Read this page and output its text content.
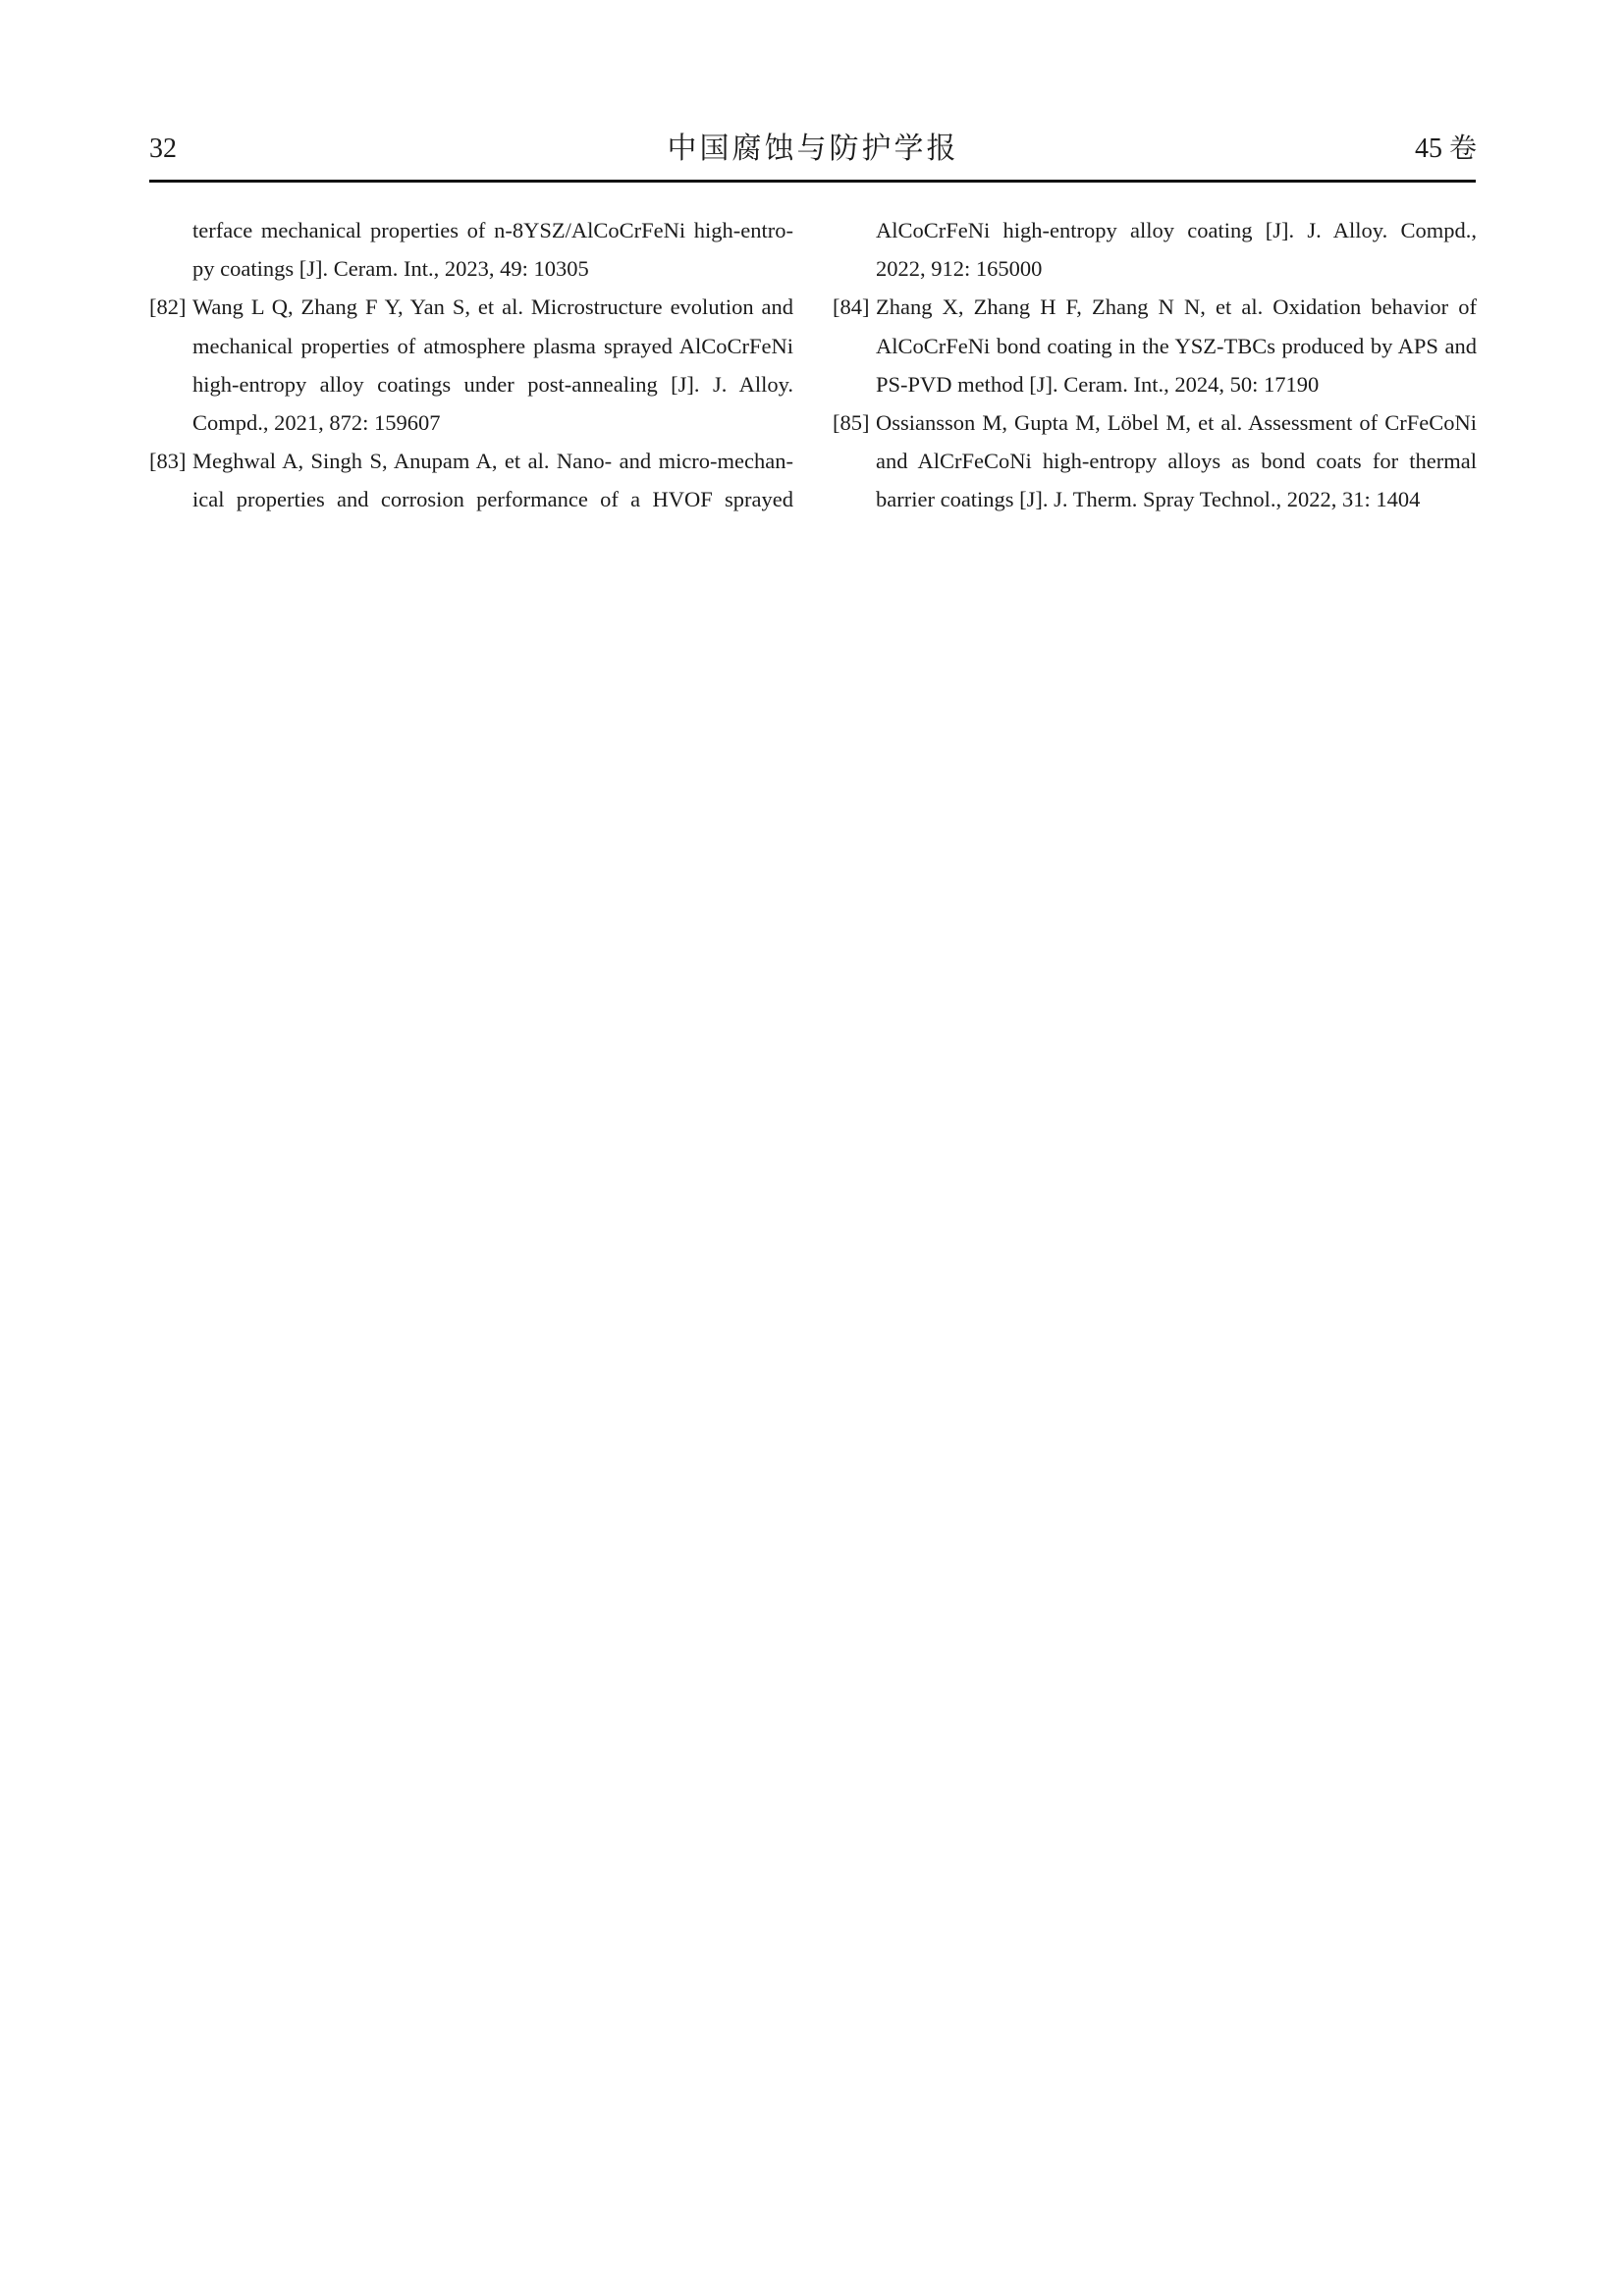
32	中国腐蚀与防护学报	45 卷
terface mechanical properties of n-8YSZ/AlCoCrFeNi high-entro-
py coatings [J]. Ceram. Int., 2023, 49: 10305
[82] Wang L Q, Zhang F Y, Yan S, et al. Microstructure evolution and
mechanical properties of atmosphere plasma sprayed AlCoCrFeNi
high-entropy alloy coatings under post-annealing [J]. J. Alloy.
Compd., 2021, 872: 159607
[83] Meghwal A, Singh S, Anupam A, et al. Nano- and micro-mechan-
ical properties and corrosion performance of a HVOF sprayed
AlCoCrFeNi high-entropy alloy coating [J]. J. Alloy. Compd.,
2022, 912: 165000
[84] Zhang X, Zhang H F, Zhang N N, et al. Oxidation behavior of
AlCoCrFeNi bond coating in the YSZ-TBCs produced by APS and
PS-PVD method [J]. Ceram. Int., 2024, 50: 17190
[85] Ossiansson M, Gupta M, Löbel M, et al. Assessment of CrFeCoNi
and AlCrFeCoNi high-entropy alloys as bond coats for thermal
barrier coatings [J]. J. Therm. Spray Technol., 2022, 31: 1404
